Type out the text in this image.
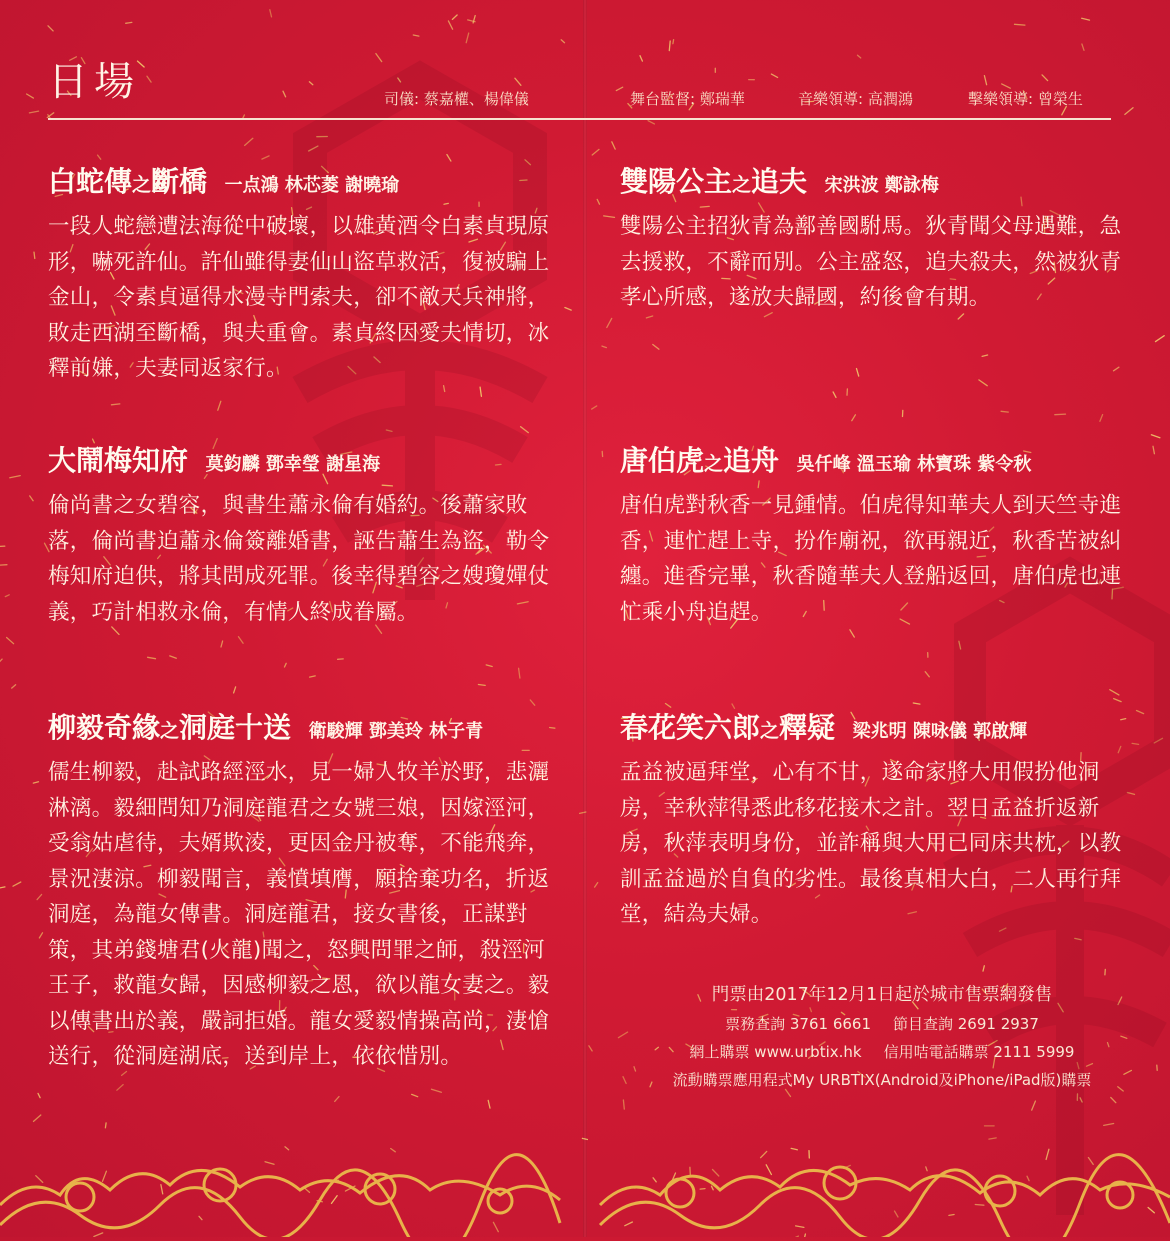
日場	司儀: 蔡嘉權、楊偉儀	舞台監督: 鄭瑞華	音樂領導: 高潤鴻	擊樂領導: 曾榮生
白蛇傳之斷橋 一点鴻 林芯菱 謝曉瑜
一段人蛇戀遭法海從中破壞，以雄黃酒令白素貞現原形，嚇死許仙。許仙雖得妻仙山盜草救活，復被騙上金山，令素貞逼得水漫寺門索夫，卻不敵天兵神將，敗走西湖至斷橋，與夫重會。素貞終因愛夫情切，冰釋前嫌，夫妻同返家行。
大鬧梅知府 莫鈞麟 鄧幸瑩 謝星海
倫尚書之女碧容，與書生蕭永倫有婚約。後蕭家敗落，倫尚書迫蕭永倫簽離婚書，誣告蕭生為盜，勒令梅知府迫供，將其問成死罪。後幸得碧容之嫂瓊嬋仗義，巧計相救永倫，有情人終成眷屬。
柳毅奇緣之洞庭十送 衛駿輝 鄧美玲 林子青
儒生柳毅，赴試路經涇水，見一婦人牧羊於野，悲灑淋漓。毅細問知乃洞庭龍君之女號三娘，因嫁涇河，受翁姑虐待，夫婿欺淩，更因金丹被奪，不能飛奔，景況淒涼。柳毅聞言，義憤填膺，願捨棄功名，折返洞庭，為龍女傳書。洞庭龍君，接女書後，正謀對策，其弟錢塘君(火龍)聞之，怒興問罪之師，殺涇河王子，救龍女歸，因感柳毅之恩，欲以龍女妻之。毅以傳書出於義，嚴詞拒婚。龍女愛毅情操高尚，淒愴送行，從洞庭湖底，送到岸上，依依惜別。
雙陽公主之追夫 宋洪波 鄭詠梅
雙陽公主招狄青為鄯善國駙馬。狄青聞父母遇難，急去援救，不辭而別。公主盛怒，追夫殺夫，然被狄青孝心所感，遂放夫歸國，約後會有期。
唐伯虎之追舟 吳仟峰 溫玉瑜 林寶珠 紫令秋
唐伯虎對秋香一見鍾情。伯虎得知華夫人到天竺寺進香，連忙趕上寺，扮作廟祝，欲再親近，秋香苦被糾纏。進香完畢，秋香隨華夫人登船返回，唐伯虎也連忙乘小舟追趕。
春花笑六郎之釋疑 梁兆明 陳咏儀 郭啟輝
孟益被逼拜堂，心有不甘，遂命家將大用假扮他洞房，幸秋萍得悉此移花接木之計。翌日孟益折返新房，秋萍表明身份，並詐稱與大用已同床共枕，以教訓孟益過於自負的劣性。最後真相大白，二人再行拜堂，結為夫婦。
門票由2017年12月1日起於城市售票網發售
票務查詢 3761 6661 節目查詢 2691 2937
網上購票 www.urbtix.hk 信用咭電話購票 2111 5999
流動購票應用程式My URBTIX(Android及iPhone/iPad版)購票
